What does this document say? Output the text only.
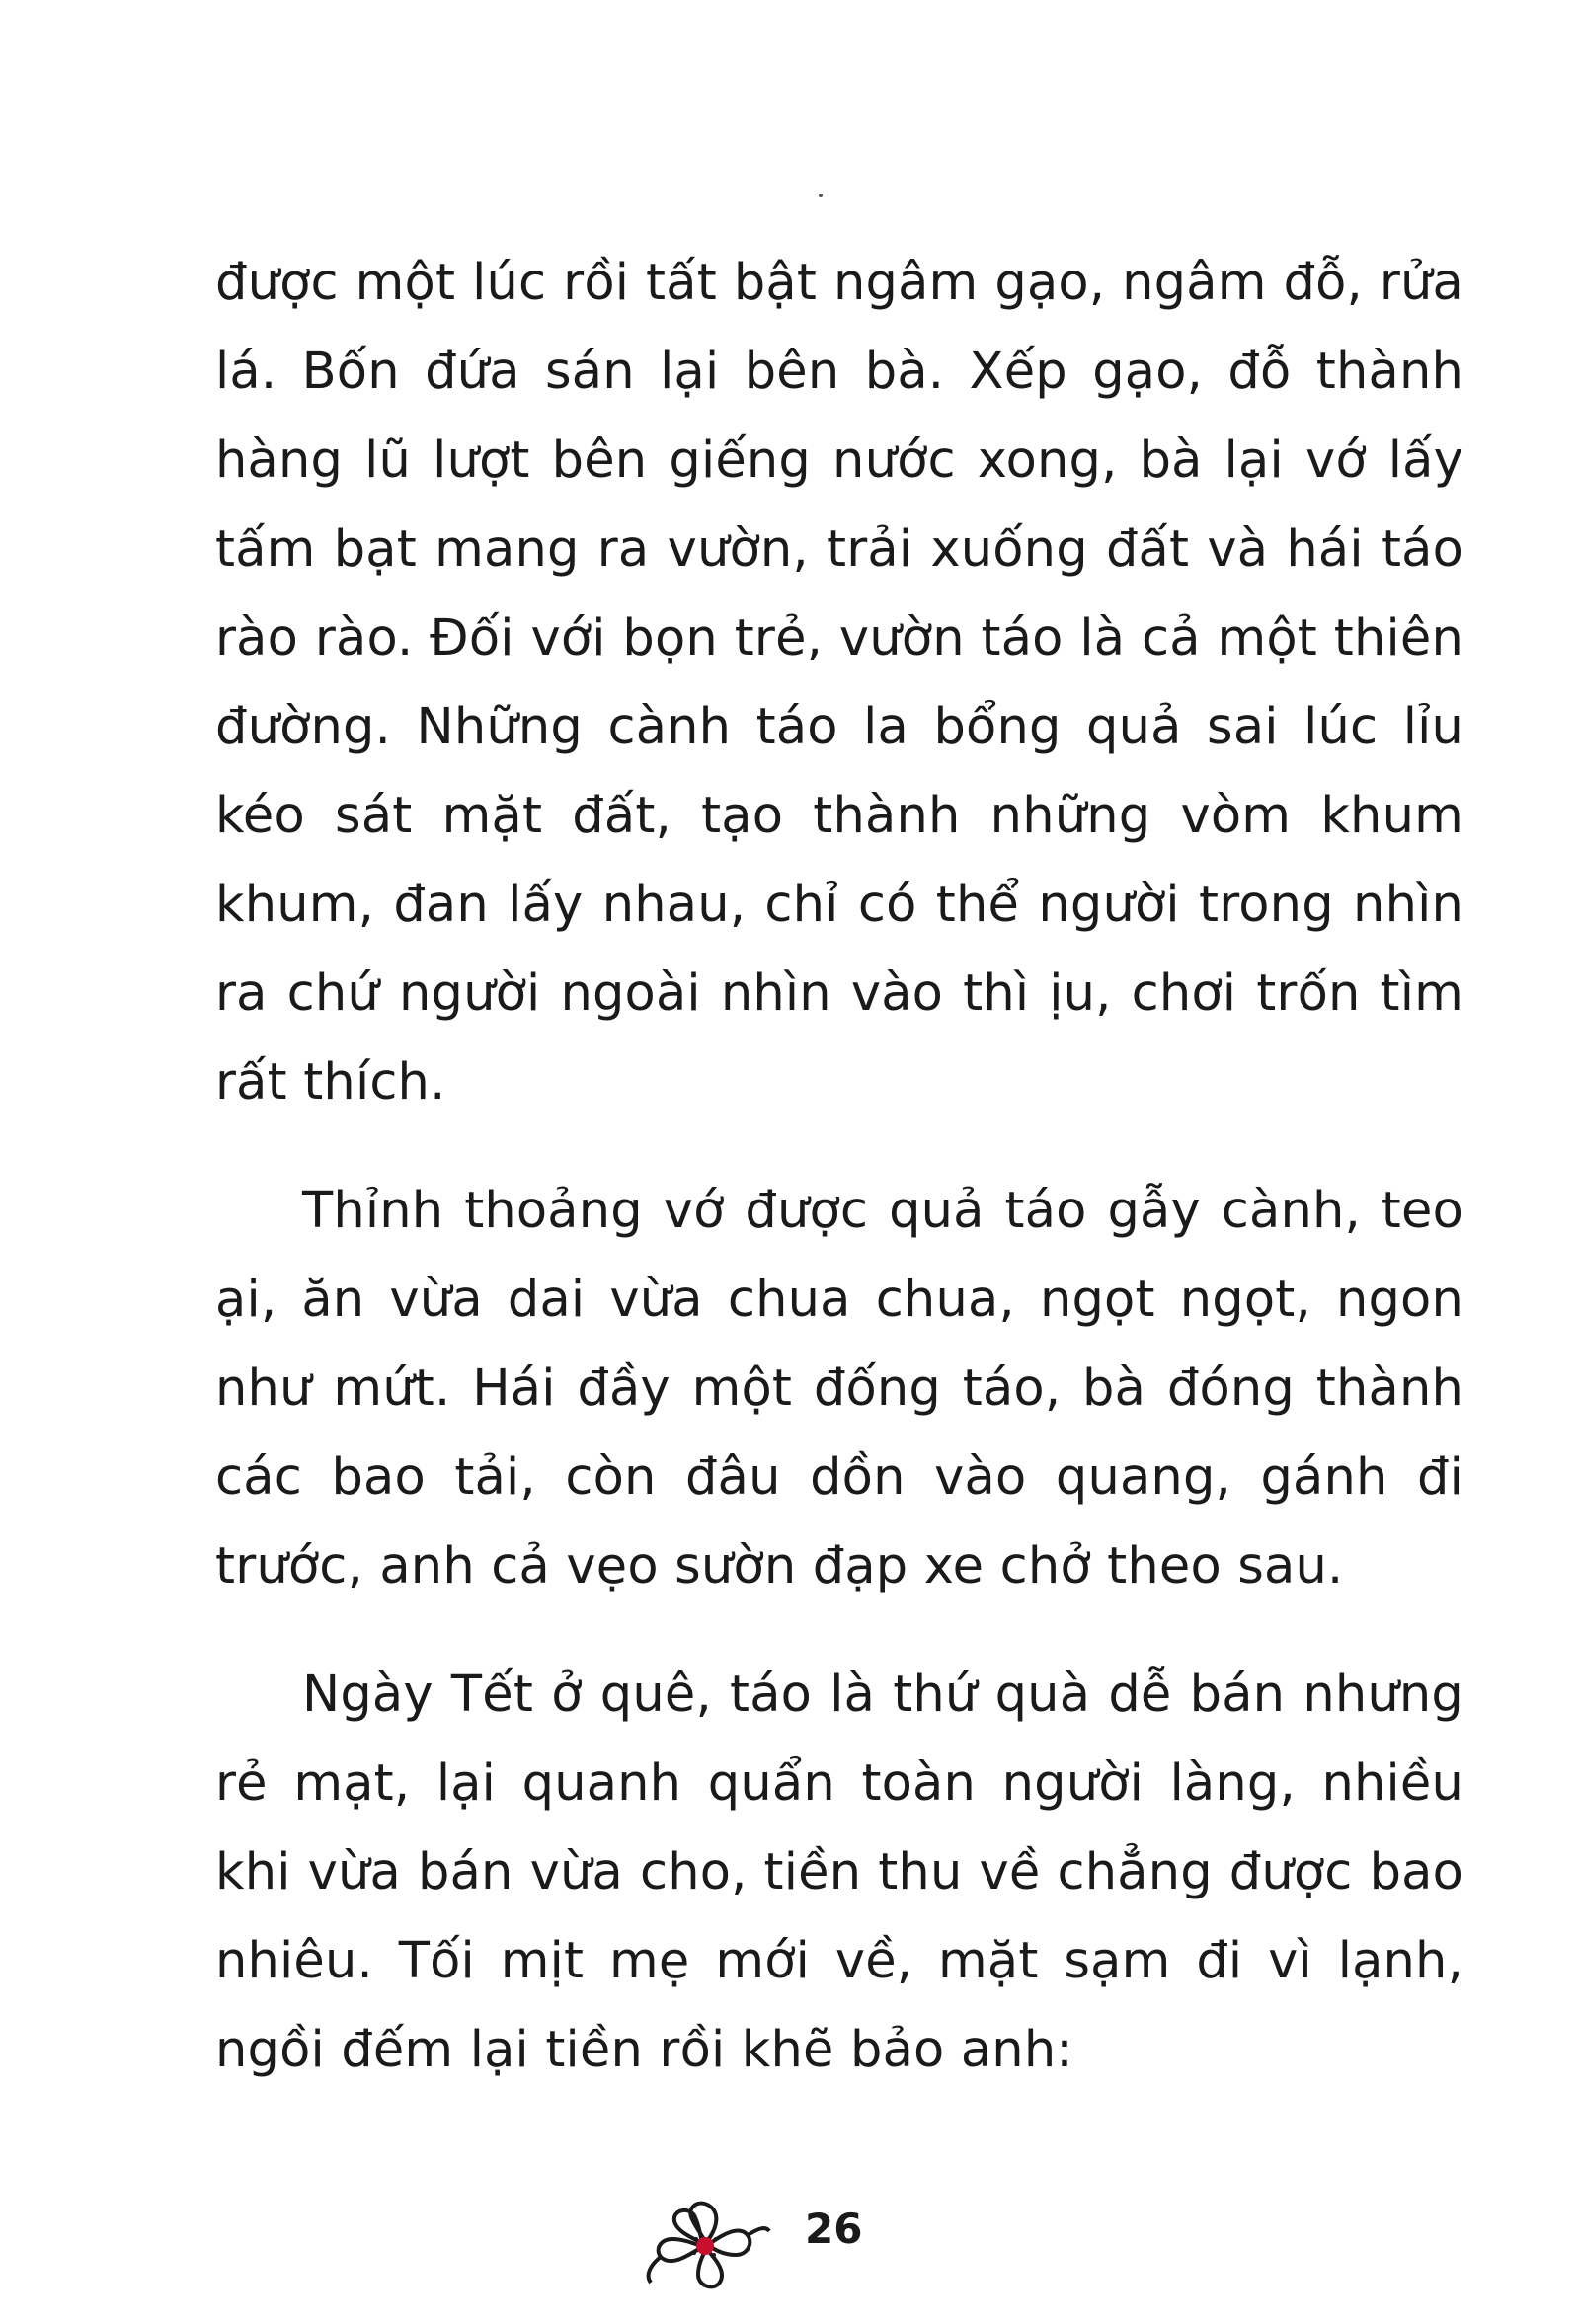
được một lúc rồi tất bật ngâm gạo, ngâm đỗ, rửa lá. Bốn đứa sán lại bên bà. Xếp gạo, đỗ thành hàng lũ lượt bên giếng nước xong, bà lại vớ lấy tấm bạt mang ra vườn, trải xuống đất và hái táo rào rào. Đối với bọn trẻ, vườn táo là cả một thiên đường. Những cành táo la bổng quả sai lúc lỉu kéo sát mặt đất, tạo thành những vòm khum khum, đan lấy nhau, chỉ có thể người trong nhìn ra chứ người ngoài nhìn vào thì ịu, chơi trốn tìm rất thích.

Thỉnh thoảng vớ được quả táo gẫy cành, teo ại, ăn vừa dai vừa chua chua, ngọt ngọt, ngon như mứt. Hái đầy một đống táo, bà đóng thành các bao tải, còn đâu dồn vào quang, gánh đi trước, anh cả vẹo sườn đạp xe chở theo sau.

Ngày Tết ở quê, táo là thứ quà dễ bán nhưng rẻ mạt, lại quanh quẩn toàn người làng, nhiều khi vừa bán vừa cho, tiền thu về chẳng được bao nhiêu. Tối mịt mẹ mới về, mặt sạm đi vì lạnh, ngồi đếm lại tiền rồi khẽ bảo anh:

26
